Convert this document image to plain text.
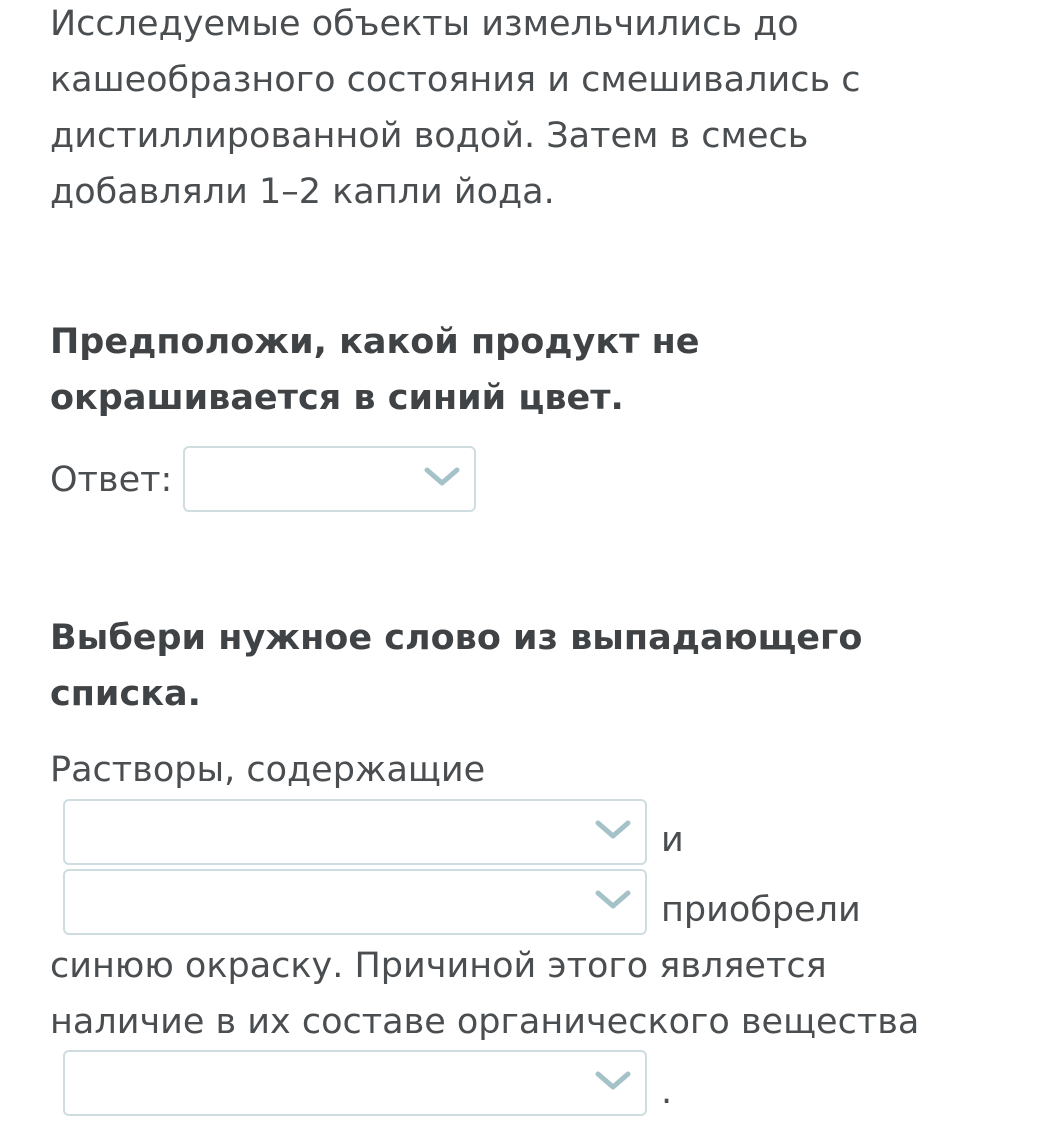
Исследуемые объекты измельчились до
кашеобразного состояния и смешивались с
дистиллированной водой. Затем в смесь
добавляли 1–2 капли йода.
Предположи, какой продукт не
окрашивается в синий цвет.
Ответ:
Выбери нужное слово из выпадающего
списка.

Растворы, содержащие

и

приобрели

синюю окраску. Причиной этого является

наличие в их составе органического вещества

.
